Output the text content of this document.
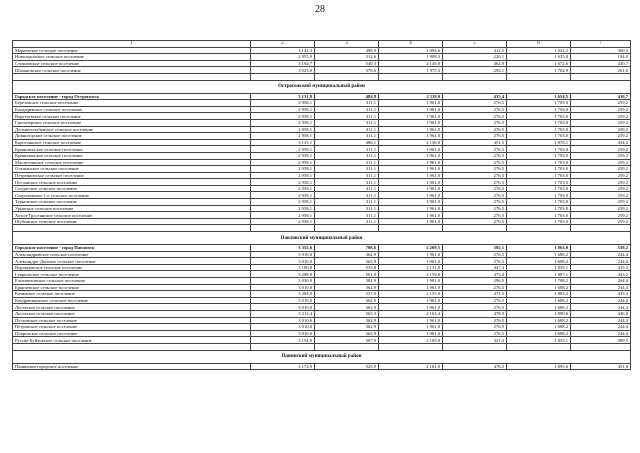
28
1	2	3	4	5	6	7
Марьевское сельское поселение	3 142,3	498,9	2 094,6	412,5	1 022,2	360,3
Новозадонское сельское поселение	2 955,9	312,6	1 908,3	226,1	1 635,8	194,0
Стояновское сельское поселение	3 192,7	549,3	2 145,0	462,9	1 672,6	430,7
Шахановское сельское поселение	3 023,0	379,6	1 975,3	293,1	1 702,9	261,0

Острогожский муниципальный район						
Городское поселение - город Острогожск	3 131,8	484,8	2 119,9	435,4	1 654,5	410,7
Березовское сельское поселение	2 958,1	311,1	1 961,0	276,5	1 703,0	259,2
Болдыревское сельское поселение	2 958,1	311,1	1 961,0	276,5	1 703,0	259,2
Веретьевское сельское поселение	2 958,1	311,1	1 961,0	276,5	1 703,0	259,2
Гнилозерское сельское поселение	2 958,1	311,1	1 961,0	276,5	1 703,0	259,2
Дальнеполубянское сельское поселение	2 958,1	311,1	1 961,0	276,5	1 703,0	259,2
Дивногорское сельское поселение	2 958,1	311,1	1 961,0	276,5	1 703,0	259,2
Коротоякское сельское поселение	3 133,1	486,1	2 136,0	451,5	1 878,1	434,2
Криниченское сельское поселение	2 958,1	311,1	1 961,0	276,5	1 703,0	259,2
Криничанское сельское поселение	2 958,1	311,1	1 961,0	276,5	1 703,0	259,2
Мастюгинское сельское поселение	2 958,1	311,1	1 961,0	276,5	1 703,0	259,2
Ольшанское сельское поселение	2 958,1	311,1	1 961,0	276,5	1 703,0	259,2
Петренковское сельское поселение	2 958,1	311,1	1 961,0	276,5	1 703,0	259,2
Песчанское сельское поселение	2 958,1	311,1	1 961,0	276,5	1 703,0	259,2
Солдатское сельское поселение	2 958,1	311,1	1 961,0	276,5	1 703,0	259,2
Сторожевское 1-е сельское поселение	2 958,1	311,1	1 961,0	276,5	1 703,0	259,2
Терновское сельское поселение	2 958,1	311,1	1 961,0	276,5	1 703,0	259,2
Урывское сельское поселение	2 958,1	311,1	1 961,0	276,5	1 703,0	259,2
Хохол-Тростянское сельское поселение	2 958,1	311,1	1 961,0	276,5	1 703,0	259,2
Шубинское сельское поселение	2 958,1	311,1	1 961,0	276,5	1 703,0	259,2

Павловский муниципальный район						
Городское поселение - город Павловск	3 355,6	708,6	2 269,5	585,1	1 863,0	539,2
Александровское сельское поселение	3 010,0	362,9	1 961,0	276,5	1 688,2	244,4
Александро-Донское сельское поселение	3 010,0	362,9	1 961,0	276,5	1 688,2	244,4
Воронцовское сельское поселение	3 180,8	533,8	2 131,8	447,4	1 859,1	415,3
Гаврильское сельское поселение	3 208,8	561,8	2 159,8	475,4	1 887,1	443,2
Елизаветовское сельское поселение	3 030,0	382,9	1 981,0	296,5	1 708,2	264,4
Ерышевское сельское поселение	3 010,0	362,9	1 961,0	276,5	1 688,2	244,4
Казинское сельское поселение	3 204,9	557,9	2 155,9	471,5	1 883,2	439,4
Кондрашкинское сельское поселение	3 010,0	362,9	1 961,0	276,5	1 688,2	244,4
Лосевское сельское поселение	3 010,0	362,9	1 961,0	276,5	1 688,2	244,4
Лосевское сельское поселение	3 212,4	565,3	2 163,4	478,9	1 890,6	446,8
Песковское сельское поселение	3 010,0	362,9	1 961,0	276,5	1 688,2	244,4
Петровское сельское поселение	3 010,0	362,9	1 961,0	276,5	1 688,2	244,4
Покровское сельское поселение	3 010,0	362,9	1 961,0	276,5	1 688,2	244,4
Русско-Буйловское сельское поселение	3 154,9	507,9	2 105,9	421,4	1 833,1	389,3

Панинский муниципальный район						
Панинское городское поселение	3 172,9	525,9	2 161,0	476,5	1 895,6	451,8
